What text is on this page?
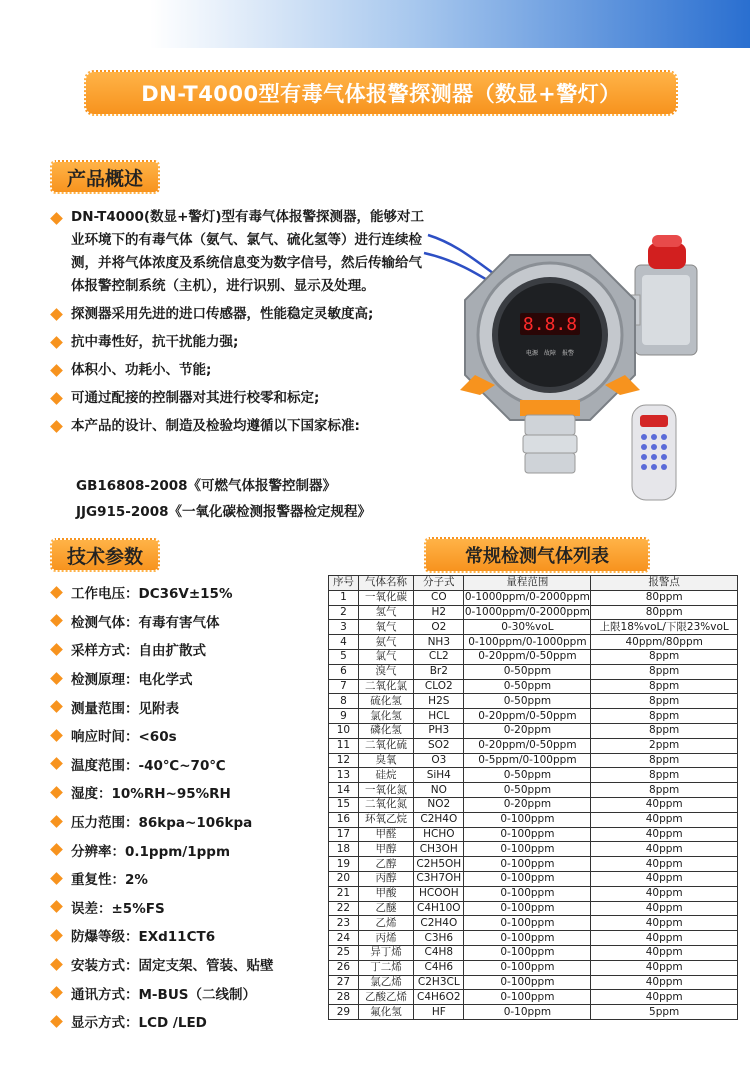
DN-T4000型有毒气体报警探测器（数显+警灯）
产品概述
DN-T4000(数显+警灯)型有毒气体报警探测器，能够对工业环境下的有毒气体（氨气、氯气、硫化氢等）进行连续检测，并将气体浓度及系统信息变为数字信号，然后传输给气体报警控制系统（主机），进行识别、显示及处理。
探测器采用先进的进口传感器，性能稳定灵敏度高;
抗中毒性好，抗干扰能力强;
体积小、功耗小、节能;
可通过配接的控制器对其进行校零和标定;
本产品的设计、制造及检验均遵循以下国家标准:
GB16808-2008《可燃气体报警控制器》
JJG915-2008《一氧化碳检测报警器检定规程》
8.8.8
电源 故障 报警
技术参数
工作电压：DC36V±15%
检测气体：有毒有害气体
采样方式：自由扩散式
检测原理：电化学式
测量范围：见附表
响应时间：<60s
温度范围：-40℃~70℃
湿度：10%RH~95%RH
压力范围：86kpa~106kpa
分辨率：0.1ppm/1ppm
重复性：2%
误差：±5%FS
防爆等级：EXd11CT6
安装方式：固定支架、管装、贴壁
通讯方式：M-BUS（二线制）
显示方式：LCD /LED
常规检测气体列表
序号	气体名称	分子式	量程范围	报警点
1	一氧化碳	CO	0-1000ppm/0-2000ppm	80ppm
2	氢气	H2	0-1000ppm/0-2000ppm	80ppm
3	氧气	O2	0-30%voL	上限18%voL/下限23%voL
4	氨气	NH3	0-100ppm/0-1000ppm	40ppm/80ppm
5	氯气	CL2	0-20ppm/0-50ppm	8ppm
6	溴气	Br2	0-50ppm	8ppm
7	二氧化氯	CLO2	0-50ppm	8ppm
8	硫化氢	H2S	0-50ppm	8ppm
9	氯化氢	HCL	0-20ppm/0-50ppm	8ppm
10	磷化氢	PH3	0-20ppm	8ppm
11	二氧化硫	SO2	0-20ppm/0-50ppm	2ppm
12	臭氧	O3	0-5ppm/0-100ppm	8ppm
13	硅烷	SiH4	0-50ppm	8ppm
14	一氧化氮	NO	0-50ppm	8ppm
15	二氧化氮	NO2	0-20ppm	40ppm
16	环氧乙烷	C2H4O	0-100ppm	40ppm
17	甲醛	HCHO	0-100ppm	40ppm
18	甲醇	CH3OH	0-100ppm	40ppm
19	乙醇	C2H5OH	0-100ppm	40ppm
20	丙醇	C3H7OH	0-100ppm	40ppm
21	甲酸	HCOOH	0-100ppm	40ppm
22	乙醚	C4H10O	0-100ppm	40ppm
23	乙烯	C2H4O	0-100ppm	40ppm
24	丙烯	C3H6	0-100ppm	40ppm
25	异丁烯	C4H8	0-100ppm	40ppm
26	丁二烯	C4H6	0-100ppm	40ppm
27	氯乙烯	C2H3CL	0-100ppm	40ppm
28	乙酸乙烯	C4H6O2	0-100ppm	40ppm
29	氟化氢	HF	0-10ppm	5ppm
